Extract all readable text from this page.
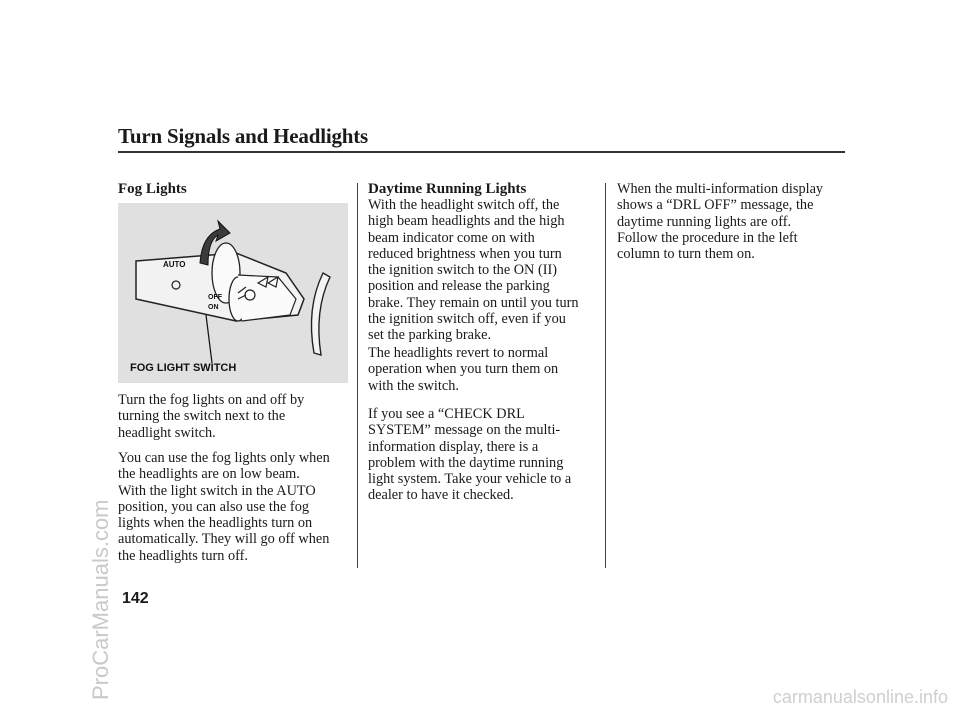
Turn Signals and Headlights
Fog Lights
AUTO
OFF
ON
FOG LIGHT SWITCH
Turn the fog lights on and off by
turning the switch next to the
headlight switch.
You can use the fog lights only when
the headlights are on low beam.
With the light switch in the AUTO
position, you can also use the fog
lights when the headlights turn on
automatically. They will go off when
the headlights turn off.
Daytime Running Lights
With the headlight switch off, the
high beam headlights and the high
beam indicator come on with
reduced brightness when you turn
the ignition switch to the ON (II)
position and release the parking
brake. They remain on until you turn
the ignition switch off, even if you
set the parking brake.
The headlights revert to normal
operation when you turn them on
with the switch.
If you see a “CHECK DRL
SYSTEM” message on the multi-
information display, there is a
problem with the daytime running
light system. Take your vehicle to a
dealer to have it checked.
When the multi-information display
shows a “DRL OFF” message, the
daytime running lights are off.
Follow the procedure in the left
column to turn them on.
142
ProCarManuals.com	carmanualsonline.info
